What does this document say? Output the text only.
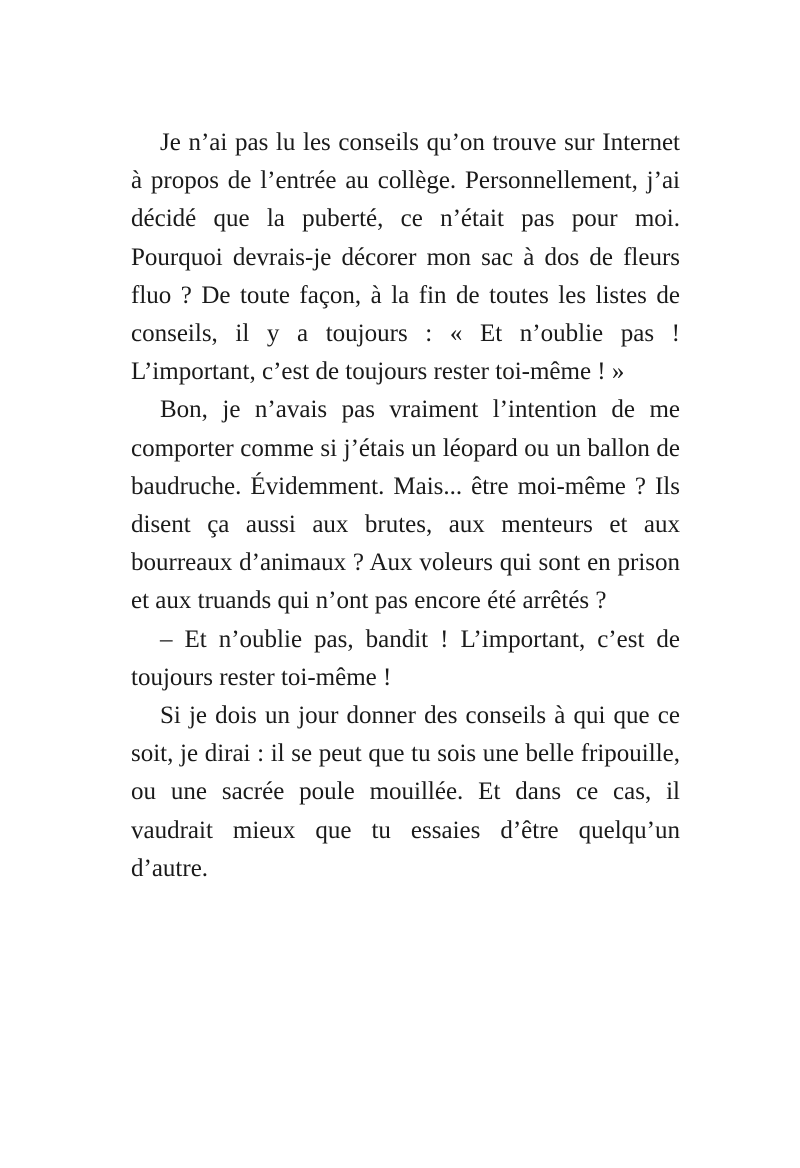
Je n’ai pas lu les conseils qu’on trouve sur Internet à propos de l’entrée au collège. Personnellement, j’ai décidé que la puberté, ce n’était pas pour moi. Pourquoi devrais-je décorer mon sac à dos de fleurs fluo ? De toute façon, à la fin de toutes les listes de conseils, il y a toujours : « Et n’oublie pas ! L’important, c’est de toujours rester toi-même ! »

Bon, je n’avais pas vraiment l’intention de me comporter comme si j’étais un léopard ou un ballon de baudruche. Évidemment. Mais... être moi-même ? Ils disent ça aussi aux brutes, aux menteurs et aux bourreaux d’animaux ? Aux voleurs qui sont en prison et aux truands qui n’ont pas encore été arrêtés ?

– Et n’oublie pas, bandit ! L’important, c’est de toujours rester toi-même !

Si je dois un jour donner des conseils à qui que ce soit, je dirai : il se peut que tu sois une belle fripouille, ou une sacrée poule mouillée. Et dans ce cas, il vaudrait mieux que tu essaies d’être quelqu’un d’autre.
